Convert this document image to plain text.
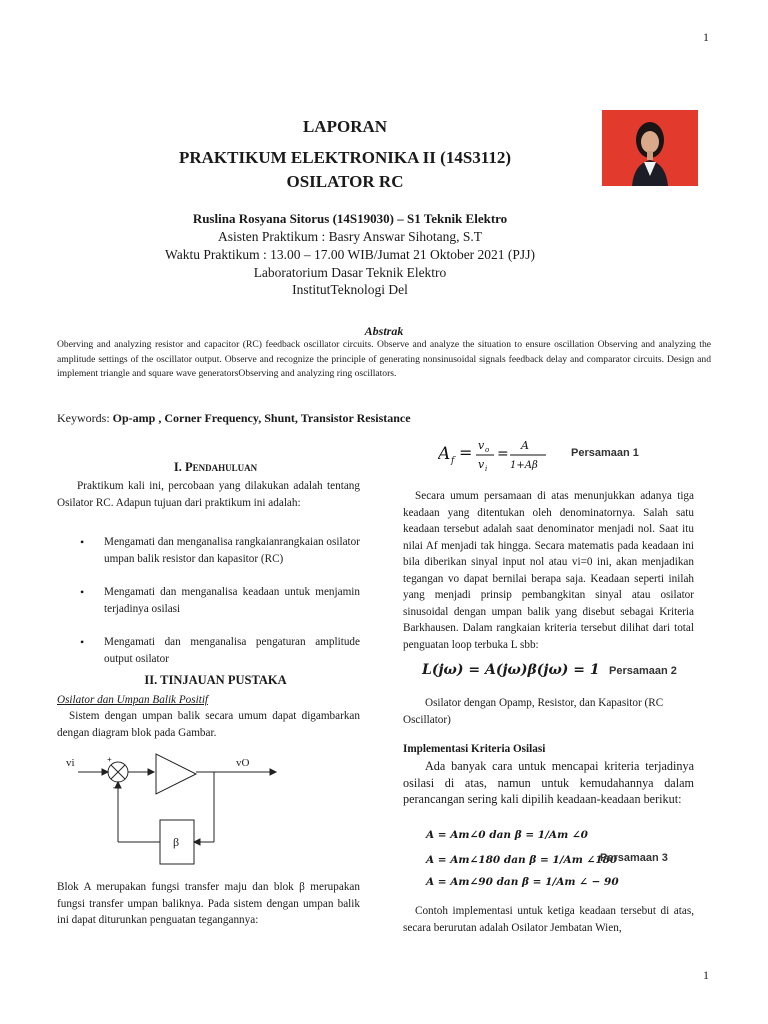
1
1
LAPORAN
PRAKTIKUM ELEKTRONIKA II (14S3112)
OSILATOR RC
Ruslina Rosyana Sitorus (14S19030) – S1 Teknik Elektro
Asisten Praktikum : Basry Answar Sihotang, S.T
Waktu Praktikum : 13.00 – 17.00 WIB/Jumat 21 Oktober 2021 (PJJ)
Laboratorium Dasar Teknik Elektro
InstitutTeknologi Del
Abstrak
Oberving and analyzing resistor and capacitor (RC) feedback oscillator circuits. Observe and analyze the situation to ensure oscillation Observing and analyzing the amplitude settings of the oscillator output. Observe and recognize the principle of generating nonsinusoidal signals feedback delay and comparator circuits. Design and implement triangle and square wave generatorsObserving and analyzing ring oscillators.
Keywords: Op-amp , Corner Frequency, Shunt, Transistor Resistance
I. Pendahuluan
Praktikum kali ini, percobaan yang dilakukan adalah tentang Osilator RC. Adapun tujuan dari praktikum ini adalah:
• Mengamati dan menganalisa rangkaianrangkaian osilator umpan balik resistor dan kapasitor (RC)
• Mengamati dan menganalisa keadaan untuk menjamin terjadinya osilasi
• Mengamati dan menganalisa pengaturan amplitude output osilator
II. TINJAUAN PUSTAKA
Osilator dan Umpan Balik Positif
Sistem dengan umpan balik secara umum dapat digambarkan dengan diagram blok pada Gambar.
vi	vO
+
–
β
Blok A merupakan fungsi transfer maju dan blok β merupakan fungsi transfer umpan baliknya. Pada sistem dengan umpan balik ini dapat diturunkan penguatan tegangannya:
A f = v o
v i
=
A
1+Aβ
Persamaan 1
Secara umum persamaan di atas menunjukkan adanya tiga keadaan yang ditentukan oleh denominatornya. Salah satu keadaan tersebut adalah saat denominator menjadi nol. Saat itu nilai Af menjadi tak hingga. Secara matematis pada keadaan ini bila diberikan sinyal input nol atau vi=0 ini, akan menjadikan tegangan vo dapat bernilai berapa saja. Keadaan seperti inilah yang menjadi prinsip pembangkitan sinyal atau osilator sinusoidal dengan umpan balik yang disebut sebagai Kriteria Barkhausen. Dalam rangkaian kriteria tersebut dilihat dari total penguatan loop terbuka L sbb:
L(jω) = A(jω)β(jω) = 1 Persamaan 2
Osilator dengan Opamp, Resistor, dan Kapasitor (RC Oscillator)
Implementasi Kriteria Osilasi
Ada banyak cara untuk mencapai kriteria terjadinya osilasi di atas, namun untuk kemudahannya dalam perancangan sering kali dipilih keadaan-keadaan berikut:
A = Am∠0 dan β = 1/Am ∠0
A = Am∠180 dan β = 1/Am ∠180
A = Am∠90 dan β = 1/Am ∠ − 90
Persamaan 3
Contoh implementasi untuk ketiga keadaan tersebut di atas, secara berurutan adalah Osilator Jembatan Wien,
